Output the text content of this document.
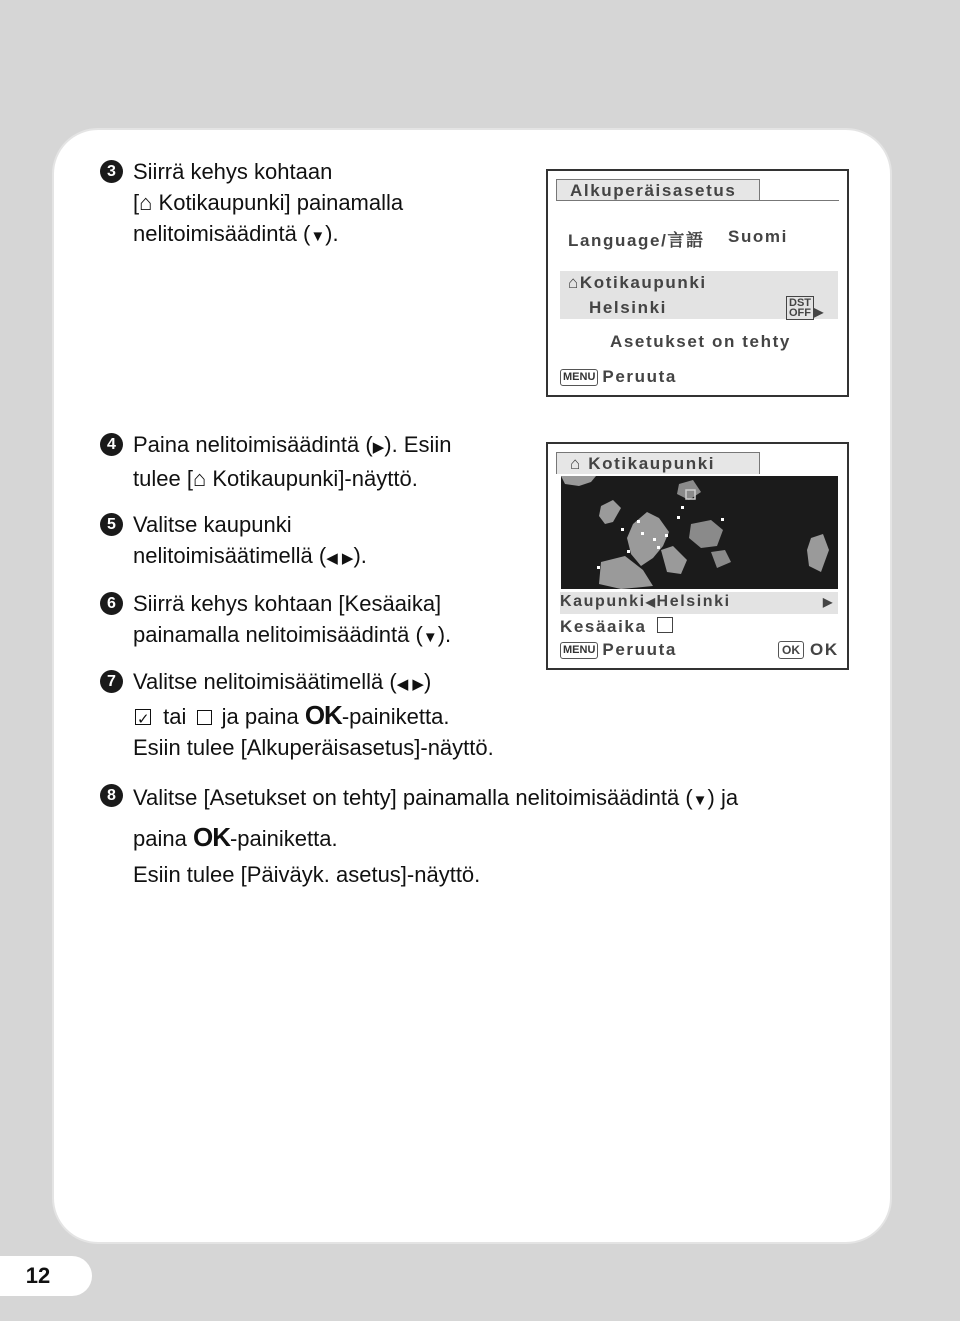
12
3 Siirrä kehys kohtaan
[⌂ Kotikaupunki] painamalla
nelitoimisäädintä (▼).
Alkuperäisasetus
Language/言語 Suomi
⌂Kotikaupunki
Helsinki	DST
OFF ▶
Asetukset on tehty
MENU Peruuta
4 Paina nelitoimisäädintä (▶). Esiin
tulee [⌂ Kotikaupunki]-näyttö.
5 Valitse kaupunki
nelitoimisäätimellä (◀ ▶).
6 Siirrä kehys kohtaan [Kesäaika]
painamalla nelitoimisäädintä (▼).
⌂ Kotikaupunki
Kaupunki◀Helsinki	▶
Kesäaika
MENU Peruuta	OK OK
7 Valitse nelitoimisäätimellä (◀ ▶)
✓ tai ja paina OK-painiketta.
Esiin tulee [Alkuperäisasetus]-näyttö.
8 Valitse [Asetukset on tehty] painamalla nelitoimisäädintä (▼) ja
paina OK-painiketta.
Esiin tulee [Päiväyk. asetus]-näyttö.
